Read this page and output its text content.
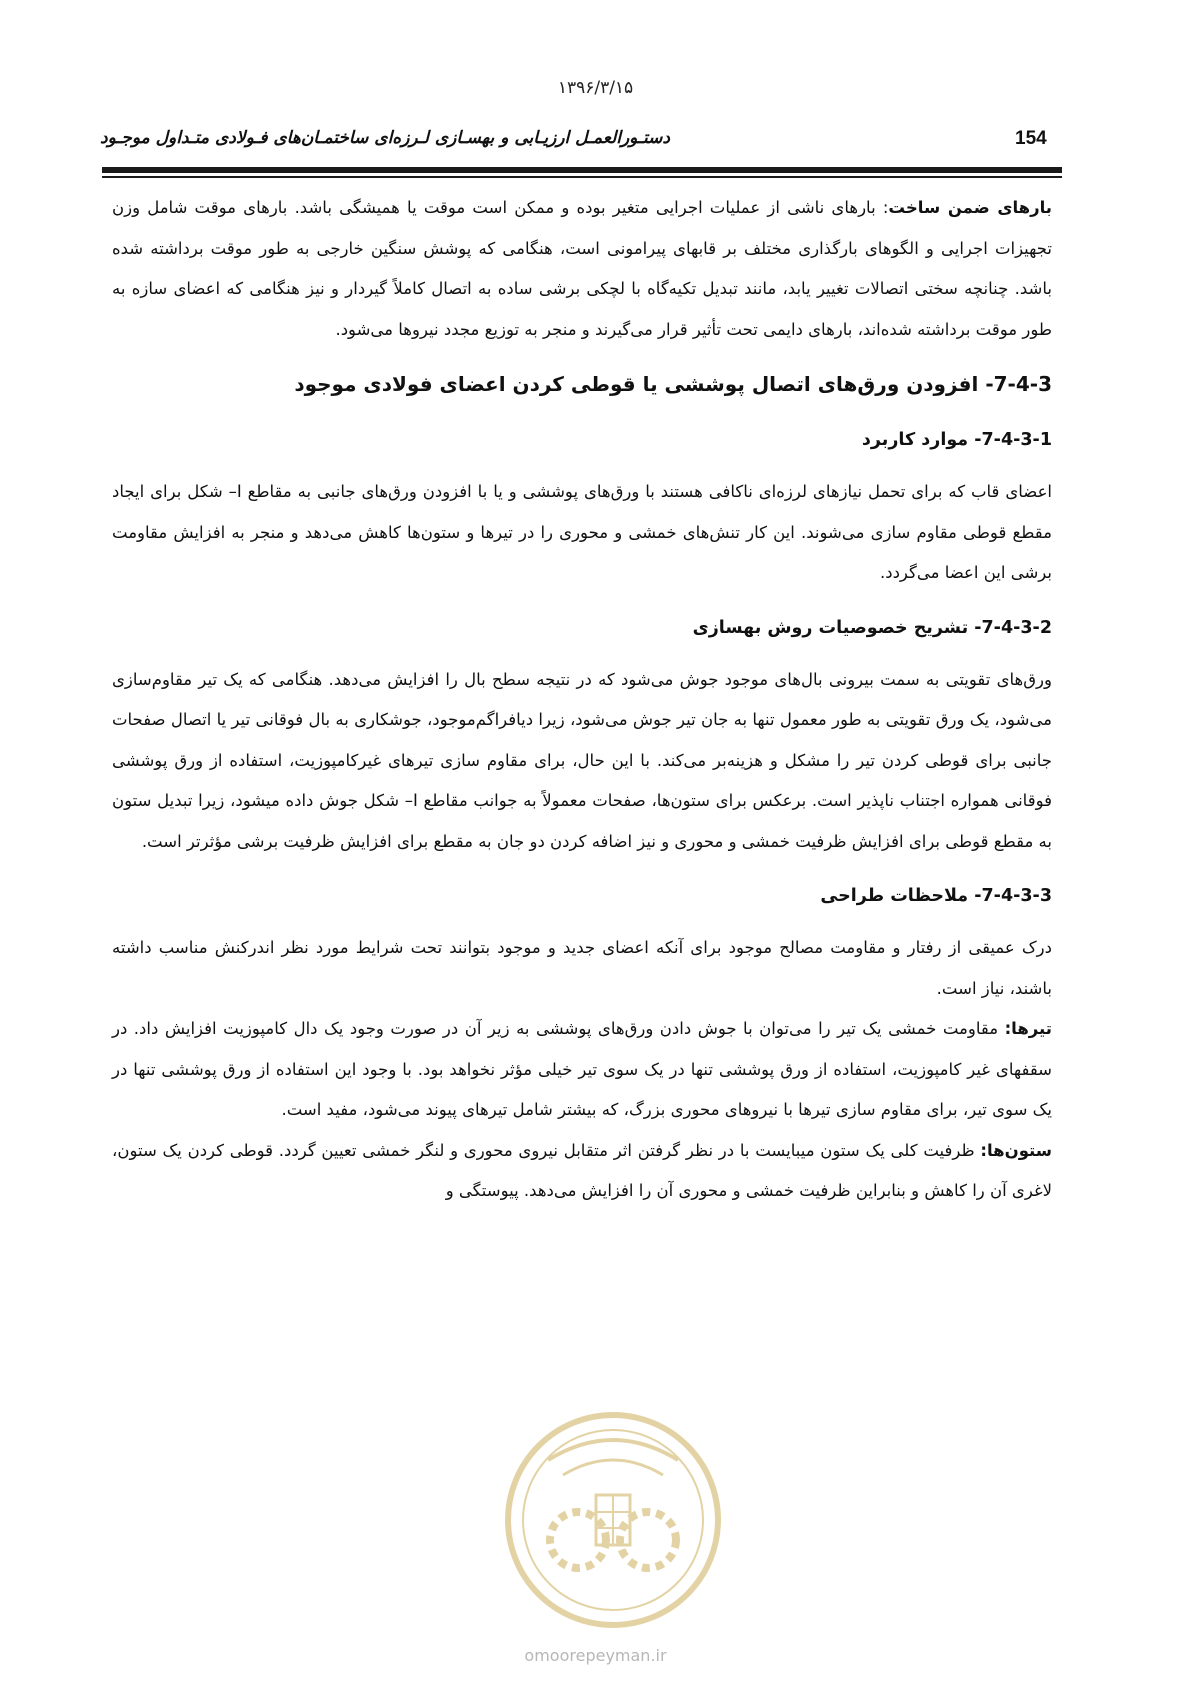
۱۳۹۶/۳/۱۵
154
دستـورالعمـل ارزیـابی و بهسـازی لـرزه‌ای ساختمـان‌های فـولادی متـداول موجـود

بارهای ضمن ساخت: بارهای ناشی از عملیات اجرایی متغیر بوده و ممکن است موقت یا همیشگی باشد. بارهای موقت شامل وزن تجهیزات اجرایی و الگوهای بارگذاری مختلف بر قابهای پیرامونی است، هنگامی که پوشش سنگین خارجی به طور موقت برداشته شده باشد. چنانچه سختی اتصالات تغییر یابد، مانند تبدیل تکیه‌گاه با لچکی برشی ساده به اتصال کاملاً گیردار و نیز هنگامی که اعضای سازه به طور موقت برداشته شده‌اند، بارهای دایمی تحت تأثیر قرار می‌گیرند و منجر به توزیع مجدد نیروها می‌شود.

7-4-3- افزودن ورق‌های اتصال پوششی یا قوطی کردن اعضای فولادی موجود
7-4-3-1- موارد کاربرد

اعضای قاب که برای تحمل نیازهای لرزه‌ای ناکافی هستند با ورق‌های پوششی و یا با افزودن ورق‌های جانبی به مقاطع I– شکل برای ایجاد مقطع قوطی مقاوم سازی می‌شوند. این کار تنش‌های خمشی و محوری را در تیرها و ستون‌ها کاهش می‌دهد و منجر به افزایش مقاومت برشی این اعضا می‌گردد.

7-4-3-2- تشریح خصوصیات روش بهسازی

ورق‌های تقویتی به سمت بیرونی بال‌های موجود جوش می‌شود که در نتیجه سطح بال را افزایش می‌دهد. هنگامی که یک تیر مقاوم‌سازی می‌شود، یک ورق تقویتی به طور معمول تنها به جان تیر جوش می‌شود، زیرا دیافراگم‌موجود، جوشکاری به بال فوقانی تیر یا اتصال صفحات جانبی برای قوطی کردن تیر را مشکل و هزینه‌بر می‌کند. با این حال، برای مقاوم سازی تیرهای غیرکامپوزیت، استفاده از ورق پوششی فوقانی همواره اجتناب ناپذیر است. برعکس برای ستون‌ها، صفحات معمولاً به جوانب مقاطع I– شکل جوش داده میشود، زیرا تبدیل ستون به مقطع قوطی برای افزایش ظرفیت خمشی و محوری و نیز اضافه کردن دو جان به مقطع برای افزایش ظرفیت برشی مؤثرتر است.

7-4-3-3- ملاحظات طراحی

درک عمیقی از رفتار و مقاومت مصالح موجود برای آنکه اعضای جدید و موجود بتوانند تحت شرایط مورد نظر اندرکنش مناسب داشته باشند، نیاز است.

تیرها: مقاومت خمشی یک تیر را می‌توان با جوش دادن ورق‌های پوششی به زیر آن در صورت وجود یک دال کامپوزیت افزایش داد. در سقفهای غیر کامپوزیت، استفاده از ورق پوششی تنها در یک سوی تیر خیلی مؤثر نخواهد بود. با وجود این استفاده از ورق پوششی تنها در یک سوی تیر، برای مقاوم سازی تیرها با نیروهای محوری بزرگ، که بیشتر شامل تیرهای پیوند می‌شود، مفید است.

ستون‌ها: ظرفیت کلی یک ستون میبایست با در نظر گرفتن اثر متقابل نیروی محوری و لنگر خمشی تعیین گردد. قوطی کردن یک ستون، لاغری آن را کاهش و بنابراین ظرفیت خمشی و محوری آن را افزایش می‌دهد. پیوستگی و

omoorepeyman.ir
